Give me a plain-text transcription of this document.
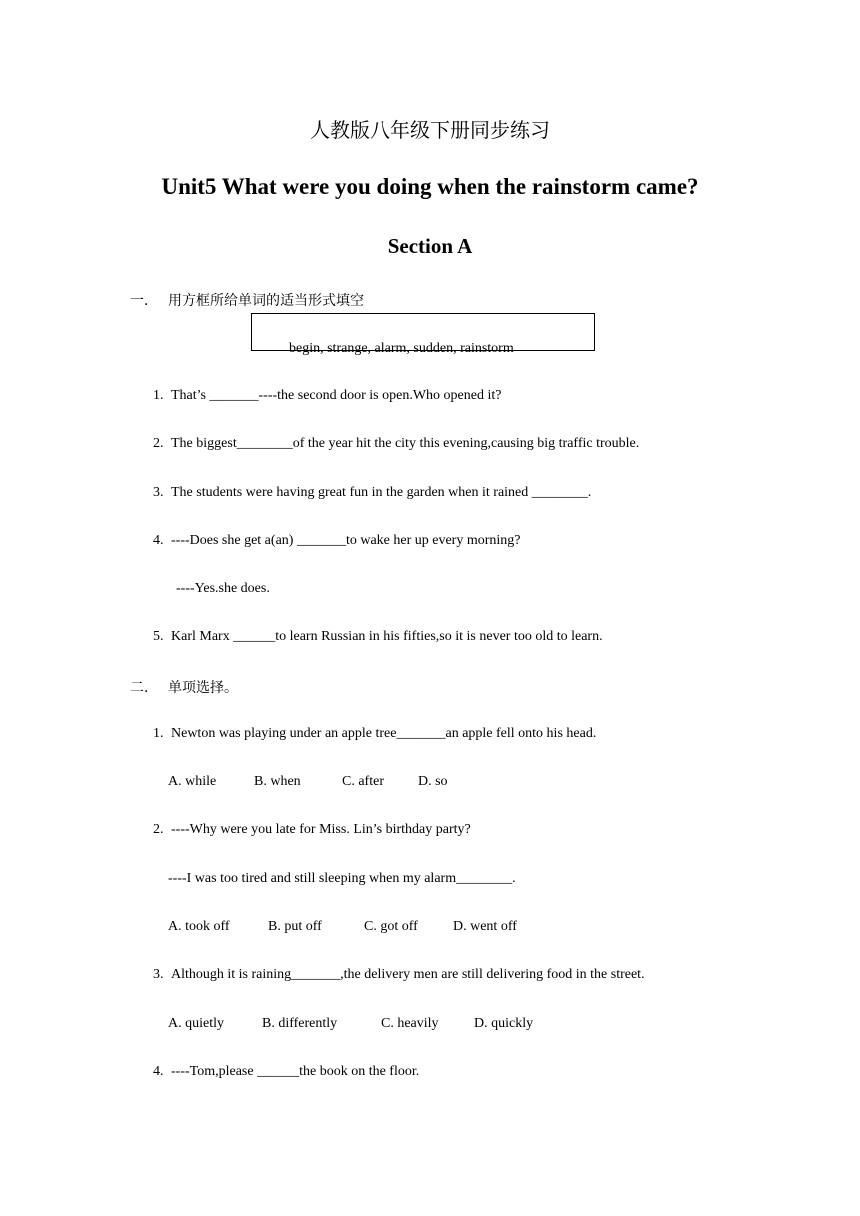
人教版八年级下册同步练习
Unit5 What were you doing when the rainstorm came?
Section A
一． 用方框所给单词的适当形式填空
begin, strange, alarm, sudden, rainstorm
1. That’s _______----the second door is open.Who opened it?
2. The biggest________of the year hit the city this evening,causing big traffic trouble.
3. The students were having great fun in the garden when it rained ________.
4. ----Does she get a(an) _______to wake her up every morning?
----Yes.she does.
5. Karl Marx ______to learn Russian in his fifties,so it is never too old to learn.
二． 单项选择。
1. Newton was playing under an apple tree_______an apple fell onto his head.
A. while	B. when	C. after D. so
2. ----Why were you late for Miss. Lin’s birthday party?
----I was too tired and still sleeping when my alarm________.
A. took off	B. put off	C. got off	D. went off
3. Although it is raining_______,the delivery men are still delivering food in the street.
A. quietly	B. differently	C. heavily	D. quickly
4. ----Tom,please ______the book on the floor.
